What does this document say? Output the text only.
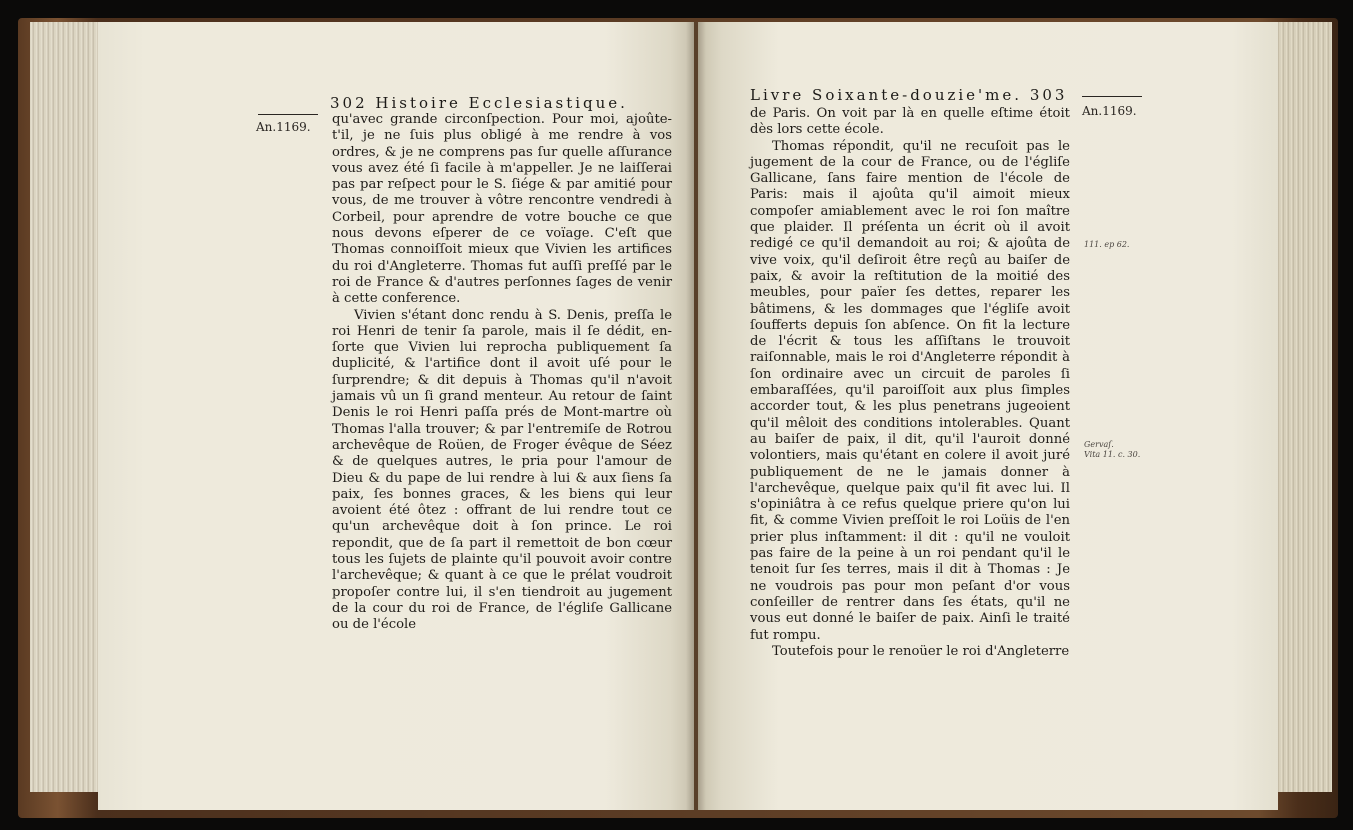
An.1169.
302 Histoire Ecclesiastique.

qu'avec grande circonſpection. Pour moi, ajoûte-t'il, je ne ſuis plus obligé à me rendre à vos ordres, & je ne comprens pas ſur quelle aſſurance vous avez été ſi facile à m'appeller. Je ne laiſſerai pas par reſpect pour le S. ſiége & par amitié pour vous, de me trouver à vôtre rencontre vendredi à Corbeil, pour aprendre de votre bouche ce que nous devons eſperer de ce voïage. C'eſt que Thomas connoiſſoit mieux que Vivien les artifices du roi d'Angleterre. Thomas fut auſſi preſſé par le roi de France & d'autres perſonnes ſages de venir à cette conference.

Vivien s'étant donc rendu à S. Denis, preſſa le roi Henri de tenir ſa parole, mais il ſe dédit, en-ſorte que Vivien lui reprocha publiquement ſa duplicité, & l'artifice dont il avoit uſé pour le ſurprendre; & dit depuis à Thomas qu'il n'avoit jamais vû un ſi grand menteur. Au retour de ſaint Denis le roi Henri paſſa prés de Mont-martre où Thomas l'alla trouver; & par l'entremiſe de Rotrou archevêque de Roüen, de Froger évêque de Séez & de quelques autres, le pria pour l'amour de Dieu & du pape de lui rendre à lui & aux ſiens ſa paix, ſes bonnes graces, & les biens qui leur avoient été ôtez : offrant de lui rendre tout ce qu'un archevêque doit à ſon prince. Le roi repondit, que de ſa part il remettoit de bon cœur tous les ſujets de plainte qu'il pouvoit avoir contre l'archevêque; & quant à ce que le prélat voudroit propoſer contre lui, il s'en tiendroit au jugement de la cour du roi de France, de l'égliſe Gallicane ou de l'école

Livre Soixante-douzie'me. 303
An.1169.
111. ep 62.
Gervaſ.
Vita 11. c. 30.

de Paris. On voit par là en quelle eſtime étoit dès lors cette école.

Thomas répondit, qu'il ne recuſoit pas le jugement de la cour de France, ou de l'égliſe Gallicane, ſans faire mention de l'école de Paris: mais il ajoûta qu'il aimoit mieux compoſer amiablement avec le roi ſon maître que plaider. Il préſenta un écrit où il avoit redigé ce qu'il demandoit au roi; & ajoûta de vive voix, qu'il deſiroit être reçû au baiſer de paix, & avoir la reſtitution de la moitié des meubles, pour païer ſes dettes, reparer les bâtimens, & les dommages que l'égliſe avoit ſoufferts depuis ſon abſence. On fit la lecture de l'écrit & tous les aſſiſtans le trouvoit raiſonnable, mais le roi d'Angleterre répondit à ſon ordinaire avec un circuit de paroles ſi embaraſſées, qu'il paroiſſoit aux plus ſimples accorder tout, & les plus penetrans jugeoient qu'il mêloit des conditions intolerables. Quant au baiſer de paix, il dit, qu'il l'auroit donné volontiers, mais qu'étant en colere il avoit juré publiquement de ne le jamais donner à l'archevêque, quelque paix qu'il fit avec lui. Il s'opiniâtra à ce refus quelque priere qu'on lui fit, & comme Vivien preſſoit le roi Loüis de l'en prier plus inſtamment: il dit : qu'il ne vouloit pas faire de la peine à un roi pendant qu'il le tenoit ſur ſes terres, mais il dit à Thomas : Je ne voudrois pas pour mon peſant d'or vous conſeiller de rentrer dans ſes états, qu'il ne vous eut donné le baiſer de paix. Ainſi le traité fut rompu.

Toutefois pour le renoüer le roi d'Angleterre
